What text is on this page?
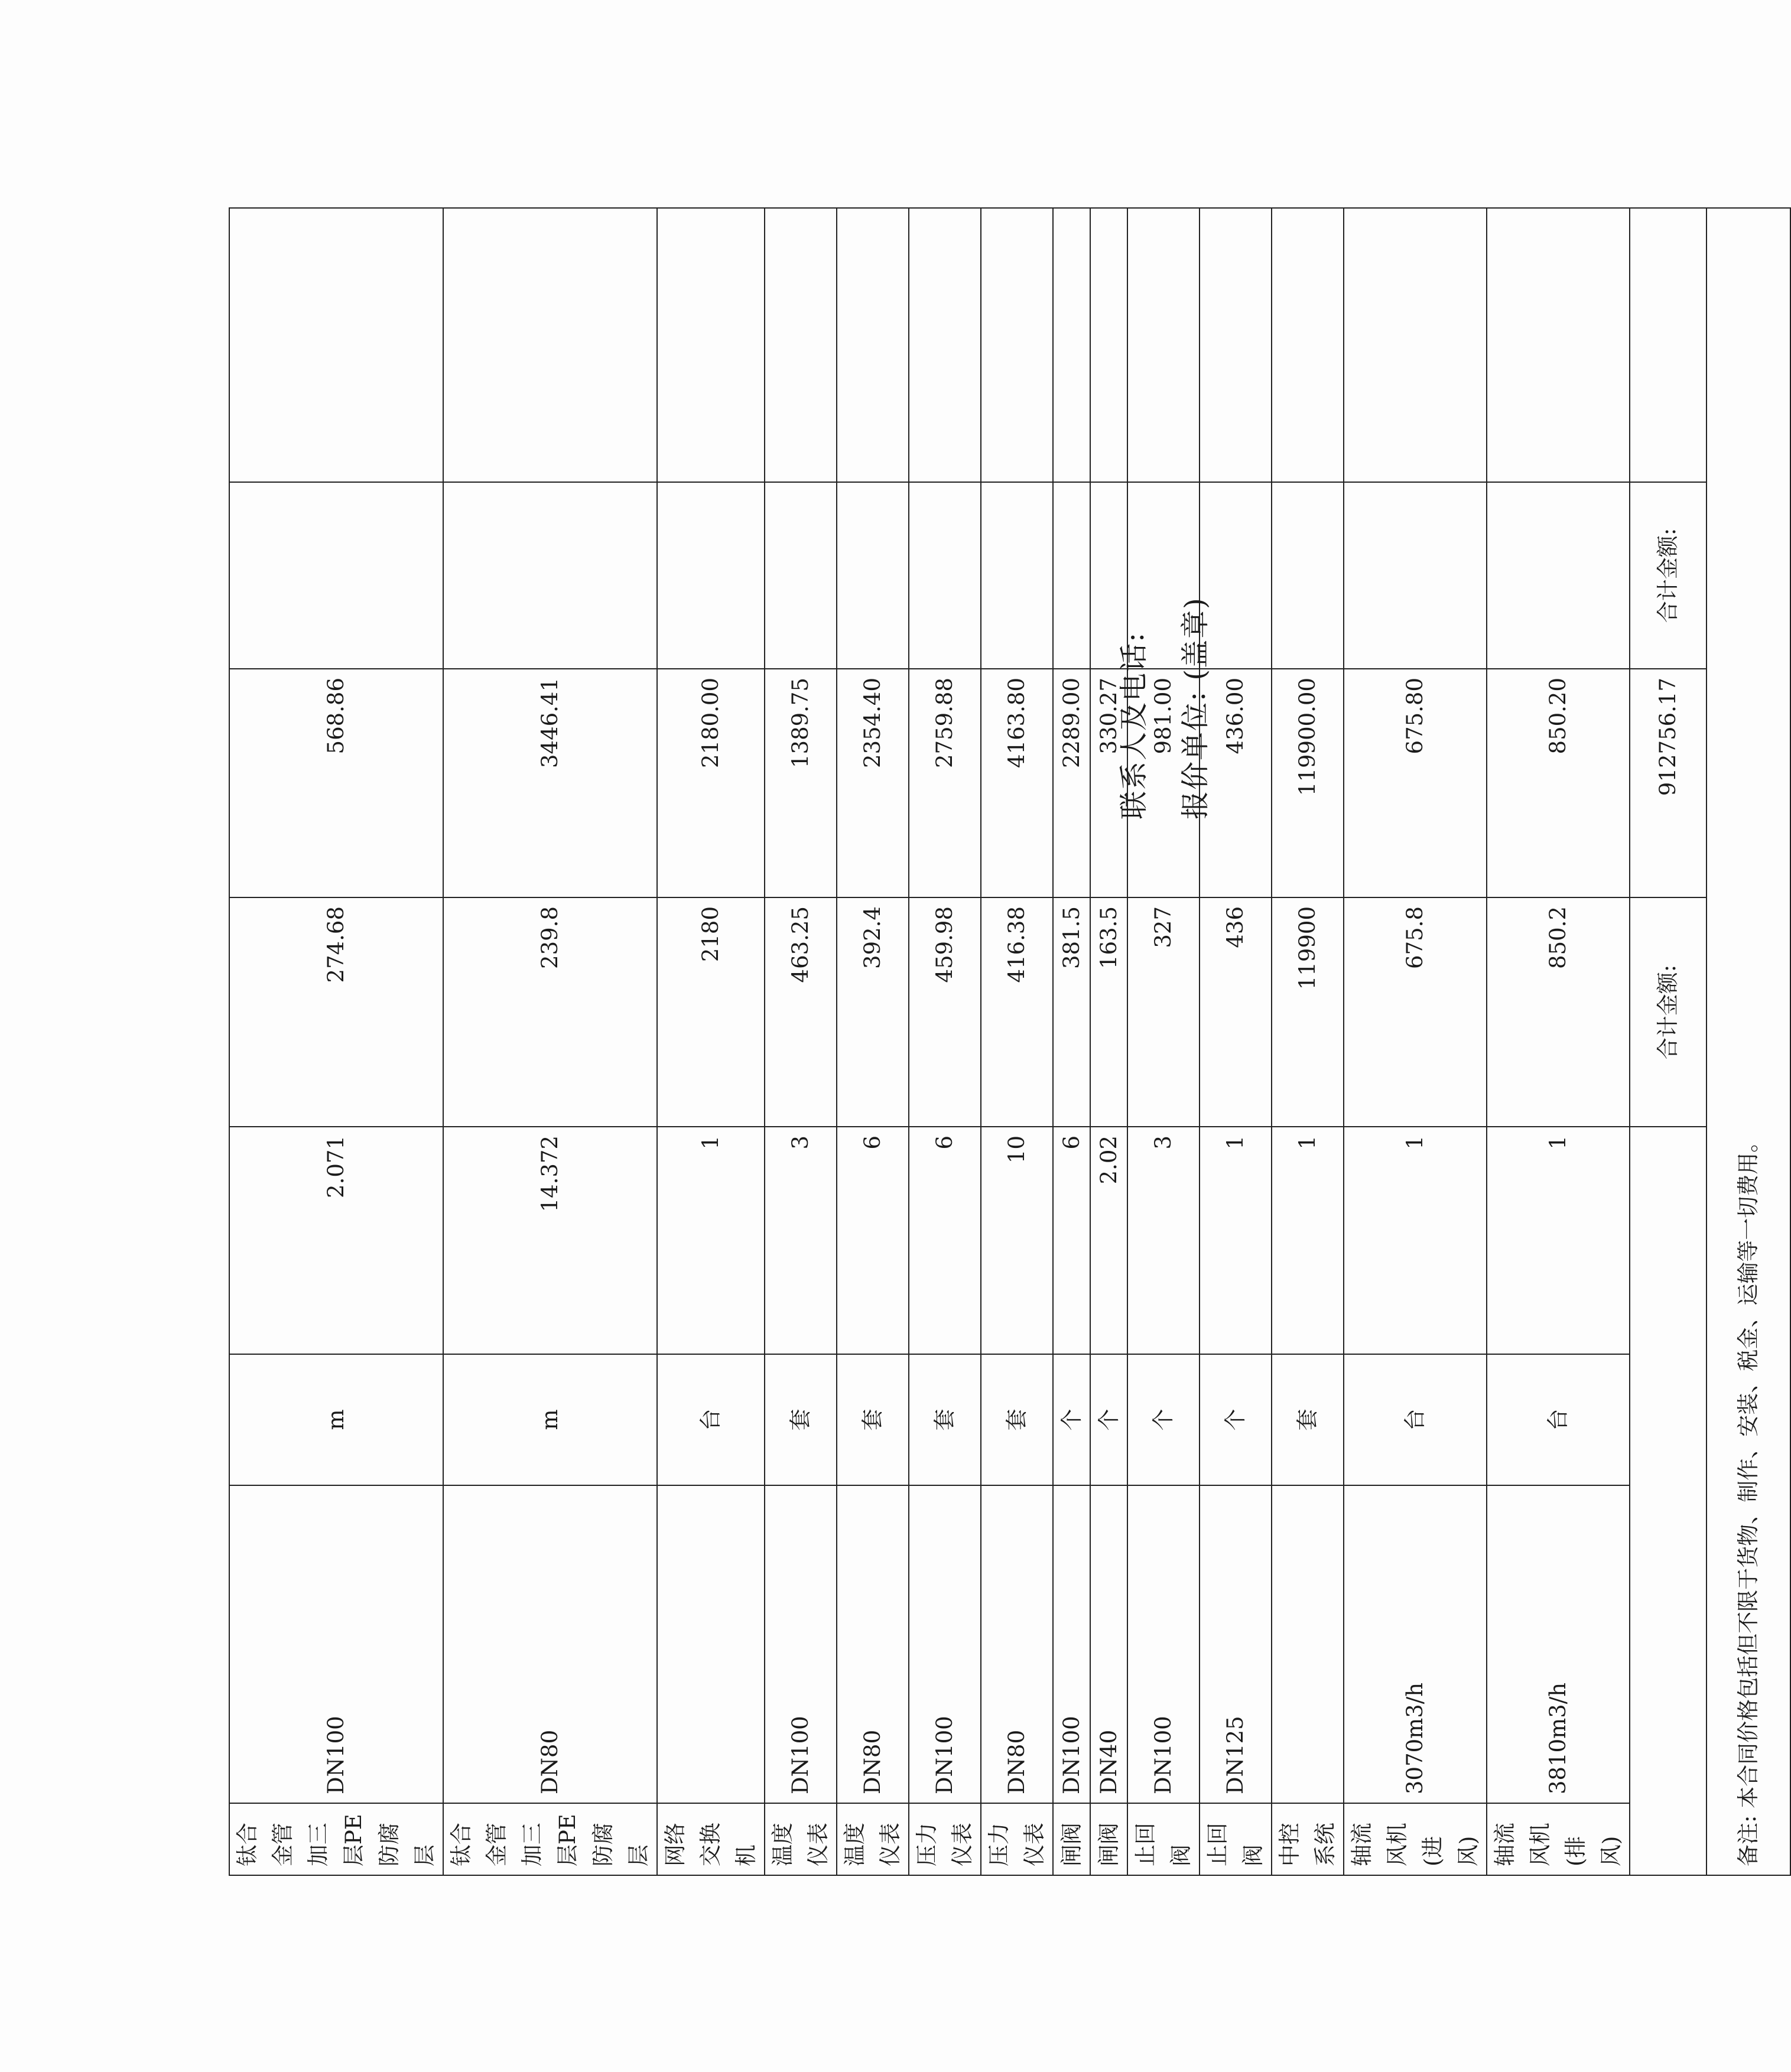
钛合金管加三层PE防腐层	DN100	m	2.071	274.68	568.86		
钛合金管加三层PE防腐层	DN80	m	14.372	239.8	3446.41		
网络交换机		台	1	2180	2180.00		
温度仪表	DN100	套	3	463.25	1389.75		
温度仪表	DN80	套	6	392.4	2354.40		
压力仪表	DN100	套	6	459.98	2759.88		
压力仪表	DN80	套	10	416.38	4163.80		
闸阀	DN100	个	6	381.5	2289.00		
闸阀	DN40	个	2.02	163.5	330.27		
止回阀	DN100	个	3	327	981.00		
止回阀	DN125	个	1	436	436.00		
中控系统		套	1	119900	119900.00		
轴流风机(进风)	3070m3/h	台	1	675.8	675.80		
轴流风机(排风)	3810m3/h	台	1	850.2	850.20		
				合计金额:	912756.17	合计金额:	
备注: 本合同价格包括但不限于货物、制作、安装、税金、运输等一切费用。							
联系人及电话: 报价单位: (盖章)
